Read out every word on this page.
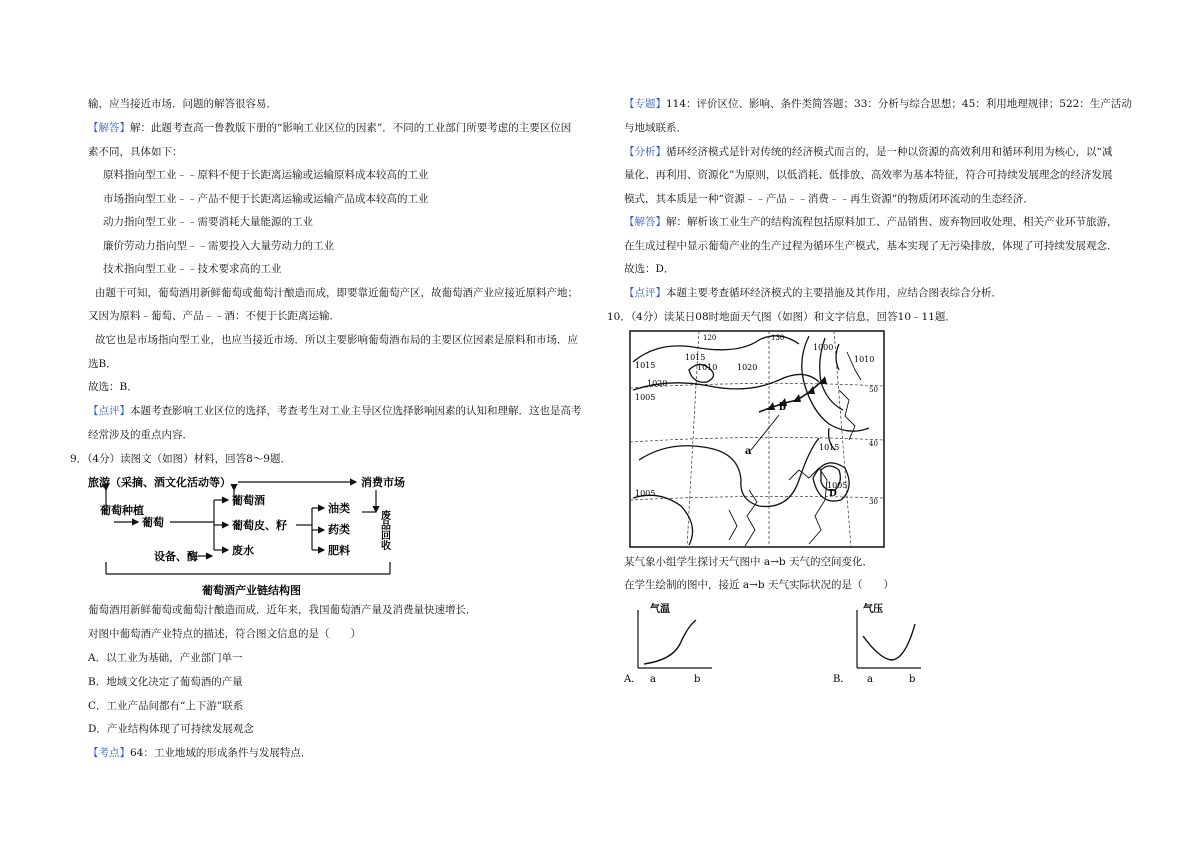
输，应当接近市场．问题的解答很容易．
【解答】解：此题考查高一鲁教版下册的“影响工业区位的因素”．不同的工业部门所要考虑的主要区位因
素不同，具体如下：
原料指向型工业﹣﹣原料不便于长距离运输或运输原料成本较高的工业
市场指向型工业﹣﹣产品不便于长距离运输或运输产品成本较高的工业
动力指向型工业﹣﹣需要消耗大量能源的工业
廉价劳动力指向型﹣﹣需要投入大量劳动力的工业
技术指向型工业﹣﹣技术要求高的工业
由题干可知，葡萄酒用新鲜葡萄或葡萄汁酿造而成，即要靠近葡萄产区，故葡萄酒产业应接近原料产地；
又因为原料﹣葡萄、产品﹣﹣酒：不便于长距离运输．
故它也是市场指向型工业，也应当接近市场．所以主要影响葡萄酒布局的主要区位因素是原料和市场．应
选B．
故选：B．
【点评】本题考查影响工业区位的选择，考查考生对工业主导区位选择影响因素的认知和理解．这也是高考
经常涉及的重点内容．
9．（4分）读图文（如图）材料，回答8～9题．
旅游（采摘、酒文化活动等）	消费市场
葡萄种植
葡萄
葡萄酒
葡萄皮、籽
废水
油类
药类
肥料
设备、酶
废品回收
葡萄酒产业链结构图
葡萄酒用新鲜葡萄或葡萄汁酿造而成．近年来，我国葡萄酒产量及消费量快速增长．
对图中葡萄酒产业特点的描述，符合图文信息的是（　　）
A．以工业为基础，产业部门单一
B．地域文化决定了葡萄酒的产量
C．工业产品间都有“上下游”联系
D．产业结构体现了可持续发展观念
【考点】64：工业地域的形成条件与发展特点．
【专题】114：评价区位、影响、条件类简答题；33：分析与综合思想；45：利用地理规律；522：生产活动
与地域联系．
【分析】循环经济模式是针对传统的经济模式而言的，是一种以资源的高效利用和循环利用为核心，以“减
量化、再利用、资源化”为原则，以低消耗、低排放、高效率为基本特征，符合可持续发展理念的经济发展
模式，其本质是一种“资源﹣﹣产品﹣﹣消费﹣﹣再生资源”的物质闭环流动的生态经济．
【解答】解：解析该工业生产的结构流程包括原料加工、产品销售、废弃物回收处理、相关产业环节旅游，
在生成过程中显示葡萄产业的生产过程为循环生产模式，基本实现了无污染排放，体现了可持续发展观念．
故选：D．
【点评】本题主要考查循环经济模式的主要措施及其作用，应结合图表综合分析．
10．（4分）读某日08时地面天气图（如图）和文字信息，回答10﹣11题．
1015
1020
1010
1015	1020
1005
1000
1010
1015
1005
1005
120	130
50
40
30
a
b
D
某气象小组学生探讨天气图中 a→b 天气的空间变化．
在学生绘制的图中，接近 a→b 天气实际状况的是（　　）
气温
A． a	b
气压
B． a	b
